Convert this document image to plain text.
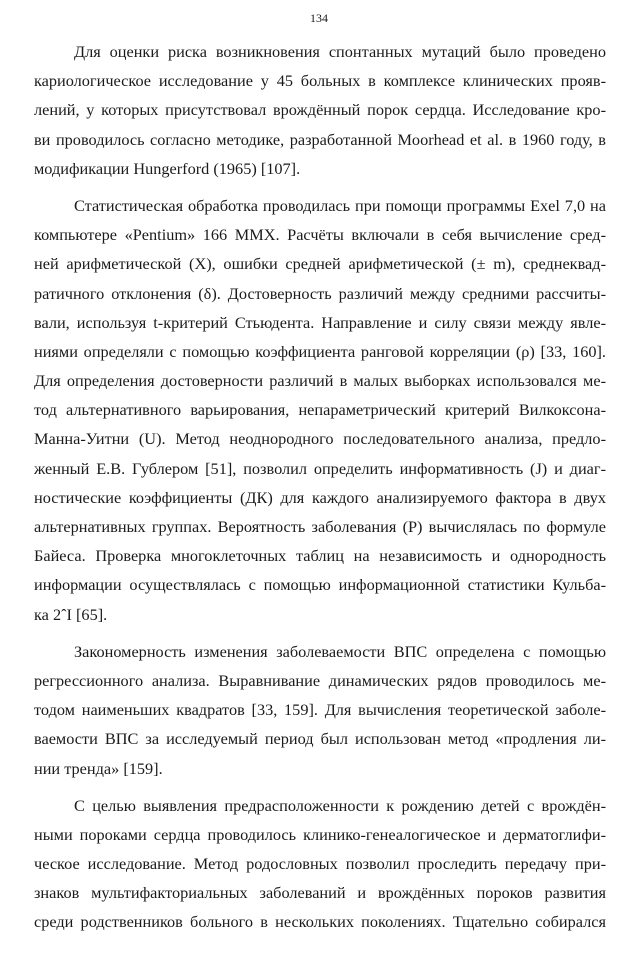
134
Для оценки риска возникновения спонтанных мутаций было проведено
кариологическое исследование у 45 больных в комплексе клинических прояв-
лений, у которых присутствовал врождённый порок сердца. Исследование кро-
ви проводилось согласно методике, разработанной Moorhead et al. в 1960 году, в
модификации Hungerford (1965) [107].
Статистическая обработка проводилась при помощи программы Exel 7,0 на
компьютере «Pentium» 166 MMX. Расчёты включали в себя вычисление сред-
ней арифметической (Х), ошибки средней арифметической (± m), среднеквад-
ратичного отклонения (δ). Достоверность различий между средними рассчиты-
вали, используя t-критерий Стьюдента. Направление и силу связи между явле-
ниями определяли с помощью коэффициента ранговой корреляции (ρ) [33, 160].
Для определения достоверности различий в малых выборках использовался ме-
тод альтернативного варьирования, непараметрический критерий Вилкоксона-
Манна-Уитни (U). Метод неоднородного последовательного анализа, предло-
женный Е.В. Гублером [51], позволил определить информативность (J) и диаг-
ностические коэффициенты (ДК) для каждого анализируемого фактора в двух
альтернативных группах. Вероятность заболевания (Р) вычислялась по формуле
Байеса. Проверка многоклеточных таблиц на независимость и однородность
информации осуществлялась с помощью информационной статистики Кульба-
ка 2ˆI [65].
Закономерность изменения заболеваемости ВПС определена с помощью
регрессионного анализа. Выравнивание динамических рядов проводилось ме-
тодом наименьших квадратов [33, 159]. Для вычисления теоретической заболе-
ваемости ВПС за исследуемый период был использован метод «продления ли-
нии тренда» [159].
С целью выявления предрасположенности к рождению детей с врождён-
ными пороками сердца проводилось клинико-генеалогическое и дерматоглифи-
ческое исследование. Метод родословных позволил проследить передачу при-
знаков мультифакториальных заболеваний и врождённых пороков развития
среди родственников больного в нескольких поколениях. Тщательно собирался
